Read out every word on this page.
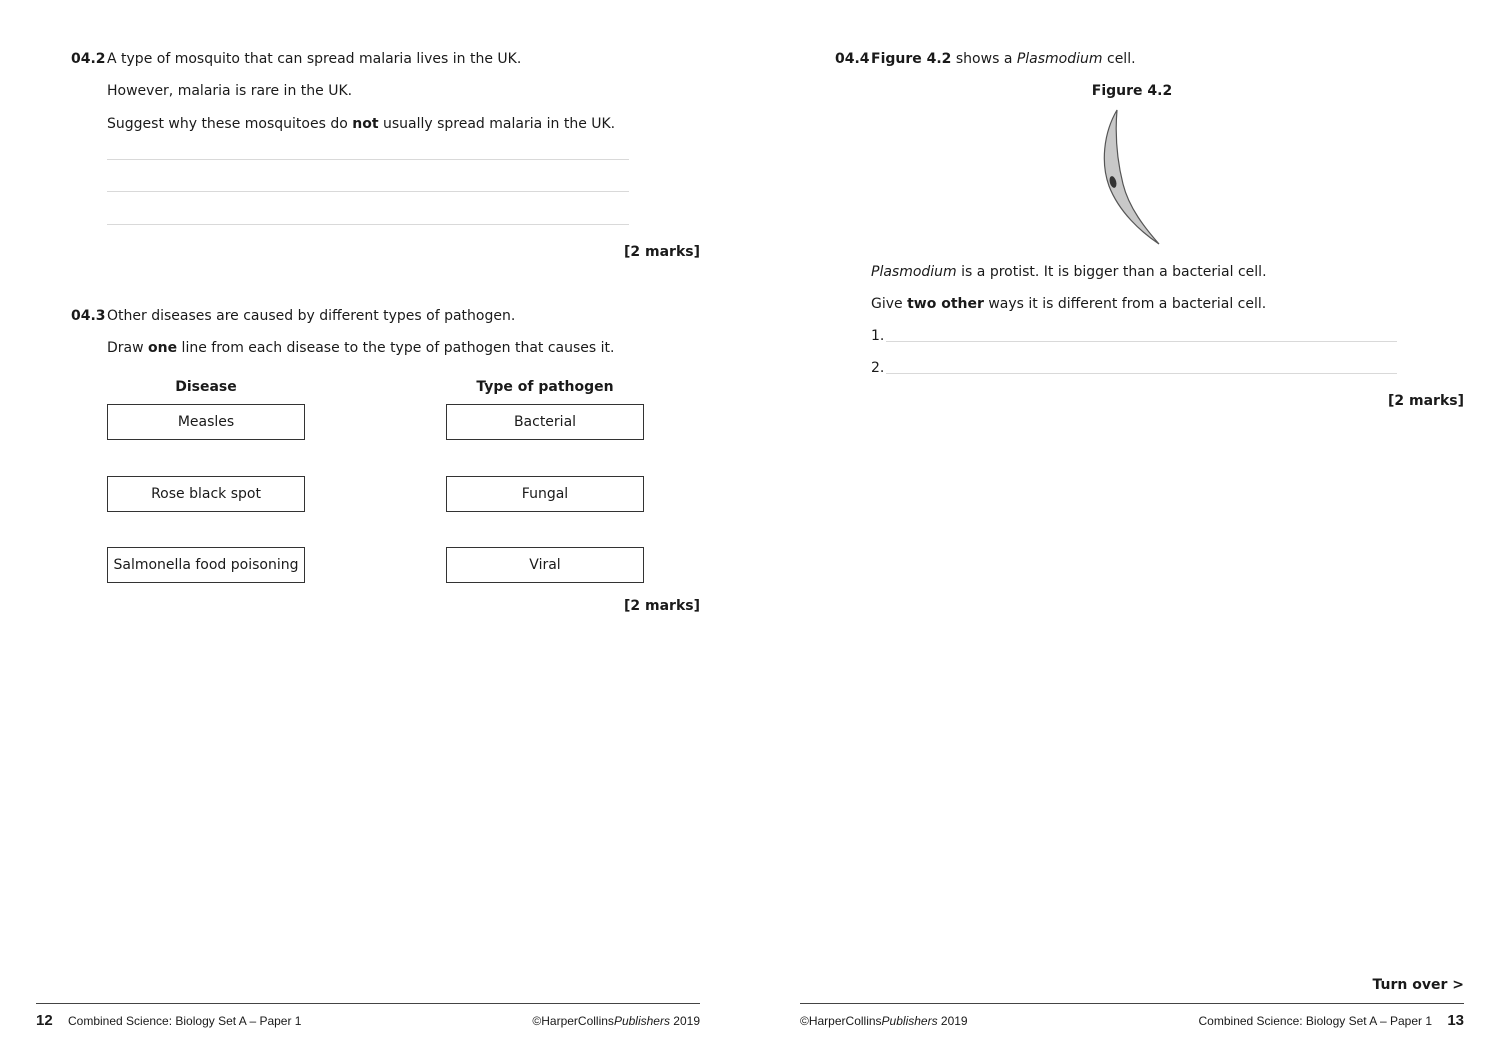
04.2 A type of mosquito that can spread malaria lives in the UK.
However, malaria is rare in the UK.
Suggest why these mosquitoes do not usually spread malaria in the UK.
[2 marks]
04.3 Other diseases are caused by different types of pathogen.
Draw one line from each disease to the type of pathogen that causes it.
Disease	Type of pathogen
Measles
Rose black spot
Salmonella food poisoning
Bacterial
Fungal
Viral
[2 marks]
12 Combined Science: Biology Set A – Paper 1	©HarperCollinsPublishers 2019
04.4 Figure 4.2 shows a Plasmodium cell.
Figure 4.2
Plasmodium is a protist. It is bigger than a bacterial cell.
Give two other ways it is different from a bacterial cell.
1.
2.
[2 marks]
Turn over >
©HarperCollinsPublishers 2019	Combined Science: Biology Set A – Paper 1 13
